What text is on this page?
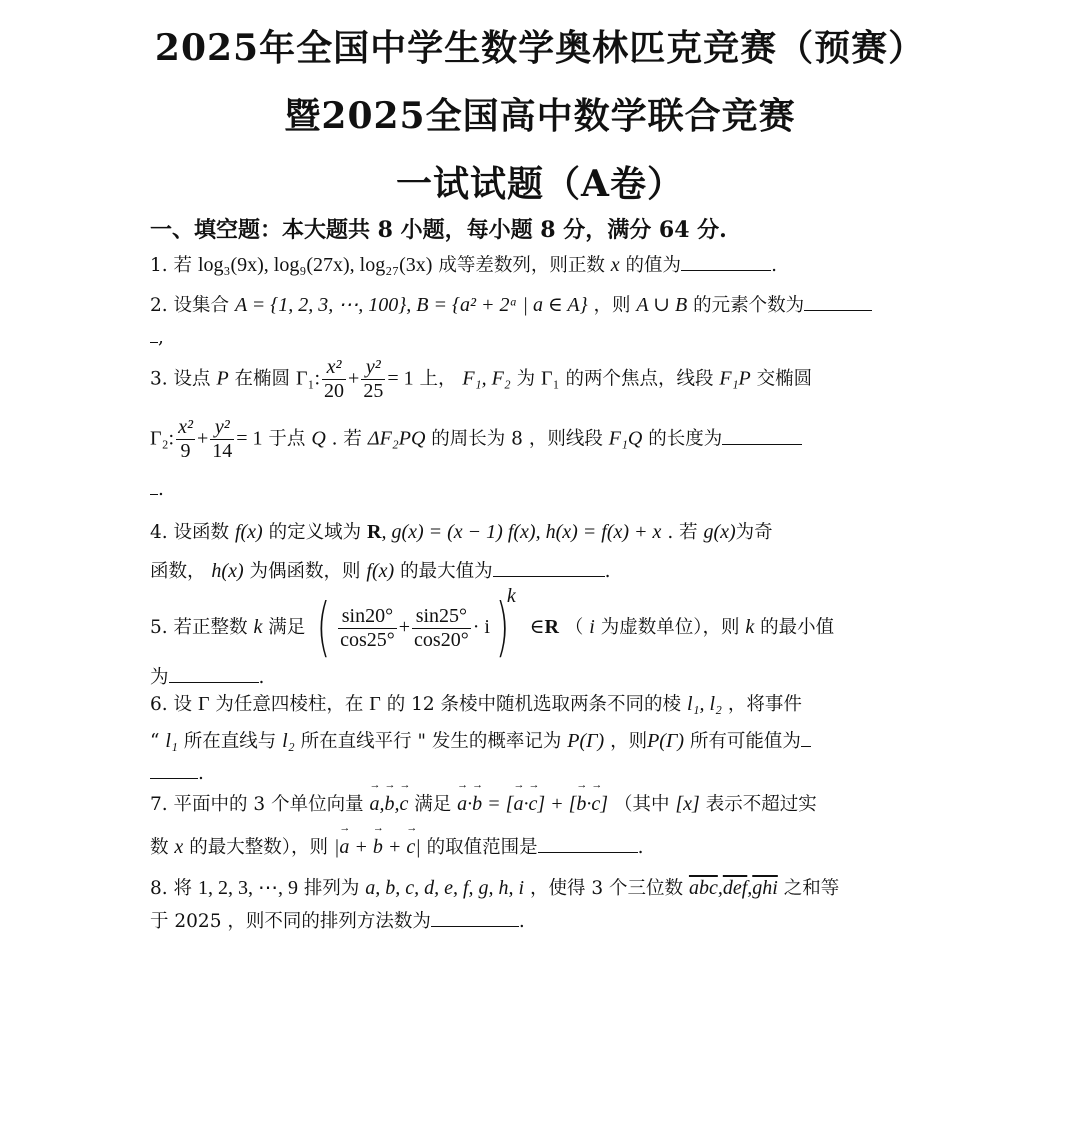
2025年全国中学生数学奥林匹克竞赛（预赛）
暨2025全国高中数学联合竞赛
一试试题（A卷）
一、填空题：本大题共 8 小题，每小题 8 分，满分 64 分.
1. 若 log₃(9x), log₉(27x), log₂₇(3x) 成等差数列，则正数 x 的值为	.
2. 设集合 A = {1, 2, 3, ⋯, 100}, B = {a² + 2ᵃ | a ∈ A} ，则 A ∪ B 的元素个数为
,
3. 设点 P 在椭圆 Γ₁: $\frac{\text{x²}}{20} + \frac{\text{y²}}{25} = 1$ 上， F₁, F₂ 为 Γ₁ 的两个焦点，线段 F₁P 交椭圆
Γ₂: $\frac{\text{x²}}{9} + \frac{\text{y²}}{14} = 1$ 于点 Q . 若 ΔF₂PQ 的周长为 8 ，则线段 F₁Q 的长度为
.
4. 设函数 f(x) 的定义域为 R, g(x) = (x − 1) f(x), h(x) = f(x) + x . 若 g(x)为奇
函数， h(x) 为偶函数，则 f(x) 的最大值为	.
5. 若正整数 k 满足 ( $\frac{\sin 20^\circ}{\cos 25^\circ} + \frac{\sin 25^\circ}{\cos 20^\circ} \cdot i)^k$ ∈R （ i 为虚数单位），则 k 的最小值
为	.
6. 设 Γ 为任意四棱柱，在 Γ 的 12 条棱中随机选取两条不同的棱 l₁, l₂ ，将事件
“ l₁ 所在直线与 l₂ 所在直线平行 " 发生的概率记为 P(Γ) ，则P(Γ) 所有可能值为
.
7. 平面中的 3 个单位向量 → a,→ b,→ c 满足 → a·→ b = [→ a·→ c] + [→ b·→ c] （其中 [x] 表示不超过实
数 x 的最大整数），则 |→ a + → b + → c| 的取值范围是	.
8. 将 1, 2, 3, ⋯, 9 排列为 a, b, c, d, e, f, g, h, i ，使得 3 个三位数 $\overline{abc},\overline{def},\overline{ghi}$ 之和等
于 2025 ，则不同的排列方法数为	.
